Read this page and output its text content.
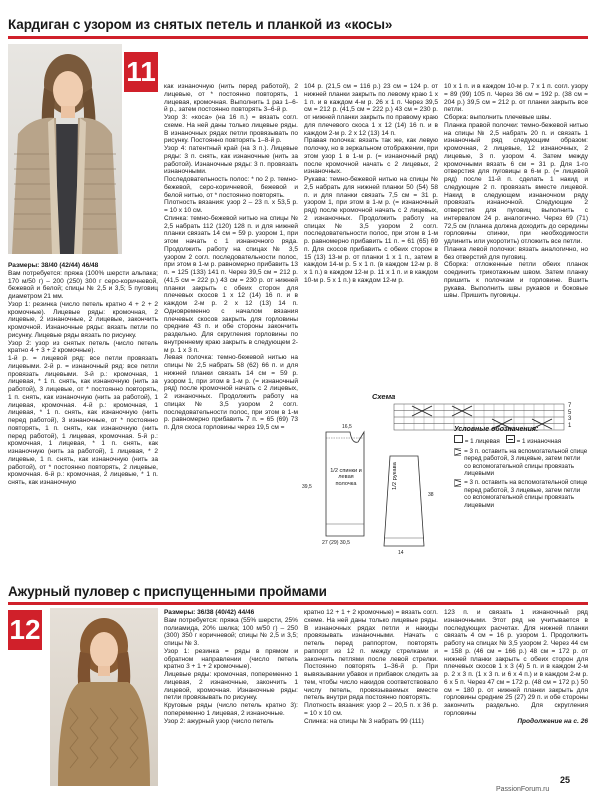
Кардиган с узором из снятых петель и планкой из «косы»
11

Размеры: 38/40 (42/44) 46/48

Вам потребуется: пряжа (100% шерсти альпака; 170 м/50 г) – 200 (250) 300 г серо-коричневой, бежевой и белой; спицы № 2,5 и 3,5; 5 пуговиц диаметром 21 мм.

Узор 1: резинка (число петель кратно 4 + 2 + 2 кромочные). Лицевые ряды: кромочная, 2 лицевые, 2 изнаночные, 2 лицевые, закончить кромочной. Изнаночные ряды: вязать петли по рисунку. Лицевые ряды вязать по рисунку.

Узор 2: узор из снятых петель (число петель кратно 4 + 3 + 2 кромочные).

1-й р. = лицевой ряд: все петли провязать лицевыми. 2-й р. = изнаночный ряд: все петли провязать лицевыми. 3-й р.: кромочная, 1 лицевая, * 1 п. снять, как изнаночную (нить за работой), 3 лицевые, от * постоянно повторять, 1 п. снять, как изнаночную (нить за работой), 1 лицевая, кромочная. 4-й р.: кромочная, 1 лицевая, * 1 п. снять, как изнаночную (нить перед работой), 3 изнаночные, от * постоянно повторять, 1 п. снять, как изнаночную (нить перед работой), 1 лицевая, кромочная. 5-й р.: кромочная, 1 лицевая, * 1 п. снять, как изнаночную (нить за работой), 1 лицевая, * 2 лицевые, 1 п. снять, как изнаночную (нить за работой), от * постоянно повторять, 2 лицевые, кромочная. 6-й р.: кромочная, 2 лицевые, * 1 п. снять, как изнаночную

как изнаночную (нить перед работой), 2 лицевые, от * постоянно повторять, 1 лицевая, кромочная. Выполнить 1 раз 1–6-й р., затем постоянно повторять 3–6-й р.

Узор 3: «коса» (на 16 п.) = вязать согл. схеме. На ней даны только лицевые ряды. В изнаночных рядах петли провязывать по рисунку. Постоянно повторять 1–8-й р.

Узор 4: патентный край (на 3 п.). Лицевые ряды: 3 п. снять, как изнаночные (нить за работой). Изнаночные ряды: 3 п. провязать изнаночными.

Последовательность полос: * по 2 р. темно-бежевой, серо-коричневой, бежевой и белой нитью, от * постоянно повторять.

Плотность вязания: узор 2 – 23 п. x 53,5 р. = 10 x 10 см.

Спинка: темно-бежевой нитью на спицы № 2,5 набрать 112 (120) 128 п. и для нижней планки связать 14 см = 59 р. узором 1, при этом начать с 1 изнаночного ряда. Продолжить работу на спицах № 3,5 узором 2 согл. последовательности полос, при этом в 1-м р. равномерно прибавить 13 п. = 125 (133) 141 п. Через 39,5 см = 212 р. (41,5 см = 222 р.) 43 см = 230 р. от нижней планки закрыть с обеих сторон для плечевых скосов 1 х 12 (14) 16 п. и в каждом 2-м р. 2 х 12 (13) 14 п. Одновременно с началом вязания плечевых скосов закрыть для горловины средние 43 п. и обе стороны закончить раздельно. Для скругления горловины по внутреннему краю закрыть в следующем 2-м р. 1 х 3 п.

Левая полочка: темно-бежевой нитью на спицы № 2,5 набрать 58 (62) 66 п. и для нижней планки связать 14 см = 59 р. узором 1, при этом в 1-м р. (= изнаночный ряд) после кромочной начать с 2 лицевых, 2 изнаночных. Продолжить работу на спицах № 3,5 узором 2 согл. последовательности полос, при этом в 1-м р. равномерно прибавить 7 п. = 65 (69) 73 п. Для скоса горловины через 19,5 см =

104 р. (21,5 см = 116 р.) 23 см = 124 р. от нижней планки закрыть по левому краю 1 х 1 п. и в каждом 4-м р. 26 х 1 п. Через 39,5 см = 212 р. (41,5 см = 222 р.) 43 см = 230 р. от нижней планки закрыть по правому краю для плечевого скоса 1 х 12 (14) 16 п. и в каждом 2-м р. 2 х 12 (13) 14 п.

Правая полочка: вязать так же, как левую полочку, но в зеркальном отображении, при этом узор 1 в 1-м р. (= изнаночный ряд) после кромочной начать с 2 лицевых, 2 изнаночных.

Рукава: темно-бежевой нитью на спицы № 2,5 набрать для нижней планки 50 (54) 58 п. и для планки связать 7,5 см = 31 р. узором 1, при этом в 1-м р. (= изнаночный ряд) после кромочной начать с 2 лицевых, 2 изнаночных. Продолжить работу на спицах № 3,5 узором 2 согл. последовательности полос, при этом в 1-м р. равномерно прибавить 11 п. = 61 (65) 69 п. Для скосов прибавить с обеих сторон в 15 (13) 13-м р. от планки 1 х 1 п., затем в каждом 14-м р. 5 х 1 п. (в каждом 12-м р. 8 х 1 п.) в каждом 12-м р. 11 х 1 п. и в каждом 10-м р. 5 х 1 п.) в каждом 12-м р.

10 х 1 п. и в каждом 10-м р. 7 х 1 п. согл. узору = 89 (99) 105 п. Через 36 см = 192 р. (38 см = 204 р.) 39,5 см = 212 р. от планки закрыть все петли.

Сборка: выполнить плечевые швы.

Планка правой полочки: темно-бежевой нитью на спицы № 2,5 набрать 20 п. и связать 1 изнаночный ряд следующим образом: кромочная, 2 лицевые, 12 изнаночных, 2 лицевые, 3 п. узором 4. Затем между кромочными вязать 6 см = 31 р. Для 1-го отверстия для пуговицы в 6-м р. (= лицевой ряд) после 11-й п. сделать 1 накид и следующие 2 п. провязать вместе лицевой. Накид в следующем изнаночном ряду провязать изнаночной. Следующие 2 отверстия для пуговиц выполнить с интервалом 24 р. аналогично. Через 69 (71) 72,5 см (планка должна доходить до середины горловины спинки, при необходимости удлинить или укоротить) отложить все петли.

Планка левой полочки: вязать аналогично, но без отверстий для пуговиц.

Сборка: отложенные петли обеих планок соединить трикотажным швом. Затем планку пришить к полочкам и горловине. Вшить рукава. Выполнить швы рукавов и боковые швы. Пришить пуговицы.

Схема
7
5
3
1
1/2 спинки и левая полочка	1/2 рукава
27 (29) 30,5
16,5
39,5
14
38
Условные обозначения:
= 1 лицевая	= 1 изнаночная
= 3 п. оставить на вспомогательной спице перед работой, 3 лицевые, затем петли со вспомогательной спицы провязать лицевыми
= 3 п. оставить на вспомогательной спице перед работой, 3 лицевые, затем петли со вспомогательной спицы провязать лицевыми
Ажурный пуловер с приспущенными проймами
12

Размеры: 36/38 (40/42) 44/46

Вам потребуется: пряжа (55% шерсти, 25% полиамида, 20% шелка; 100 м/50 г) – 250 (300) 350 г коричневой; спицы № 2,5 и 3,5; спицы № 3.

Узор 1: резинка = ряды в прямом и обратном направлении (число петель кратно 3 + 1 + 2 кромочные).

Лицевые ряды: кромочная, попеременно 1 лицевая, 2 изнаночные, закончить 1 лицевой, кромочная. Изнаночные ряды: петли провязывать по рисунку.

Круговые ряды (число петель кратно 3): попеременно 1 лицевая, 2 изнаночные.

Узор 2: ажурный узор (число петель

кратно 12 + 1 + 2 кромочные) = вязать согл. схеме. На ней даны только лицевые ряды. В изнаночных рядах петли и накиды провязывать изнаночными. Начать с петель перед раппортом, повторять раппорт из 12 п. между стрелками и закончить петлями после левой стрелки. Постоянно повторять 1–36-й р. При вывязывании убавок и прибавок следить за тем, чтобы число накидов соответствовало числу петель, провязываемых вместе петель внутри ряда постоянно повторять.

Плотность вязания: узор 2 – 20,5 п. x 36 р. = 10 x 10 см.

Спинка: на спицы № 3 набрать 99 (111)

123 п. и связать 1 изнаночный ряд изнаночными. Этот ряд не учитывается в последующих расчетах. Для нижней планки связать 4 см = 16 р. узором 1. Продолжить работу на спицах № 3,5 узором 2. Через 44 см = 158 р. (46 см = 166 р.) 48 см = 172 р. от нижней планки закрыть с обеих сторон для плечевых скосов 1 х 3 (4) 5 п. и в каждом 2-м р. 2 х 3 п. (1 х 3 п. и 6 х 4 п.) и в каждом 2-м р. 6 х 5 п. Через 47 см = 172 р. (48 см = 172 р.) 50 см = 180 р. от нижней планки закрыть для горловины средние 25 (27) 29 п. и обе стороны закончить раздельно. Для скругления горловины

Продолжение на с. 26

25
PassionForum.ru
